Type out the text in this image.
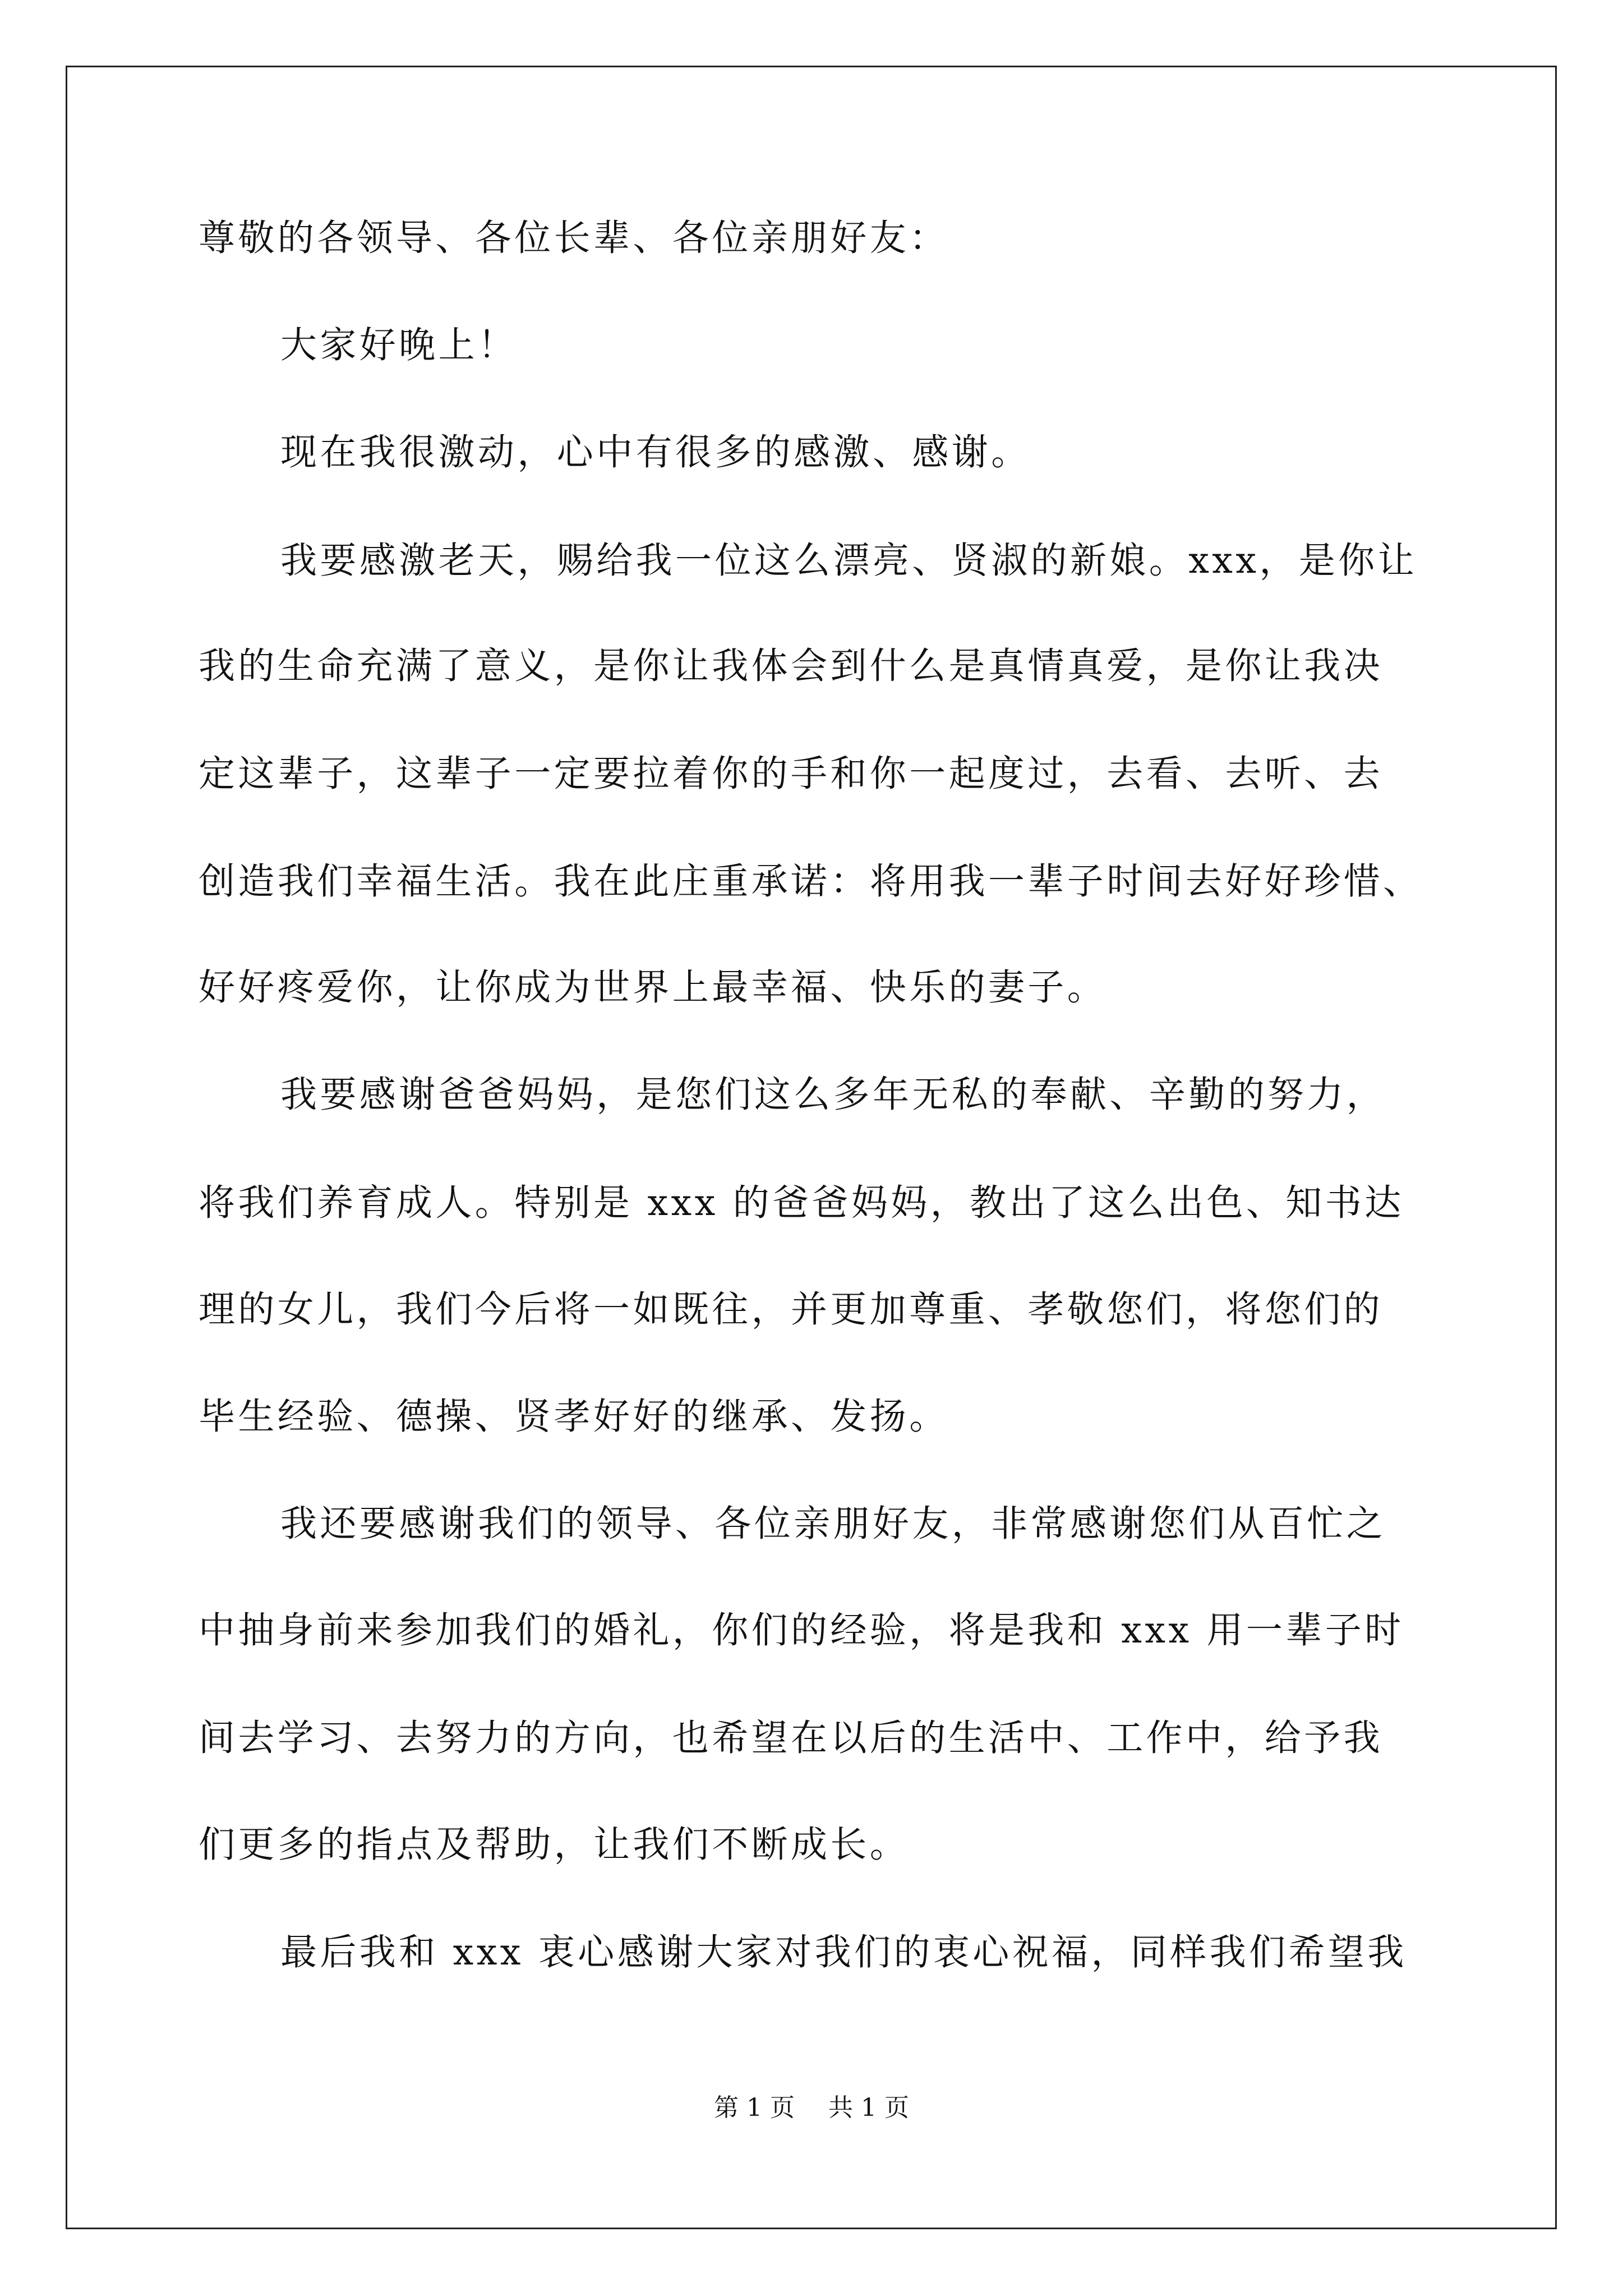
尊敬的各领导、各位长辈、各位亲朋好友：
大家好晚上！
现在我很激动，心中有很多的感激、感谢。
我要感激老天，赐给我一位这么漂亮、贤淑的新娘。xxx，是你让
我的生命充满了意义，是你让我体会到什么是真情真爱，是你让我决
定这辈子，这辈子一定要拉着你的手和你一起度过，去看、去听、去
创造我们幸福生活。我在此庄重承诺：将用我一辈子时间去好好珍惜、
好好疼爱你，让你成为世界上最幸福、快乐的妻子。
我要感谢爸爸妈妈，是您们这么多年无私的奉献、辛勤的努力，
将我们养育成人。特别是 xxx 的爸爸妈妈，教出了这么出色、知书达
理的女儿，我们今后将一如既往，并更加尊重、孝敬您们，将您们的
毕生经验、德操、贤孝好好的继承、发扬。
我还要感谢我们的领导、各位亲朋好友，非常感谢您们从百忙之
中抽身前来参加我们的婚礼，你们的经验，将是我和 xxx 用一辈子时
间去学习、去努力的方向，也希望在以后的生活中、工作中，给予我
们更多的指点及帮助，让我们不断成长。
最后我和 xxx 衷心感谢大家对我们的衷心祝福，同样我们希望我
第 1 页 共 1 页
